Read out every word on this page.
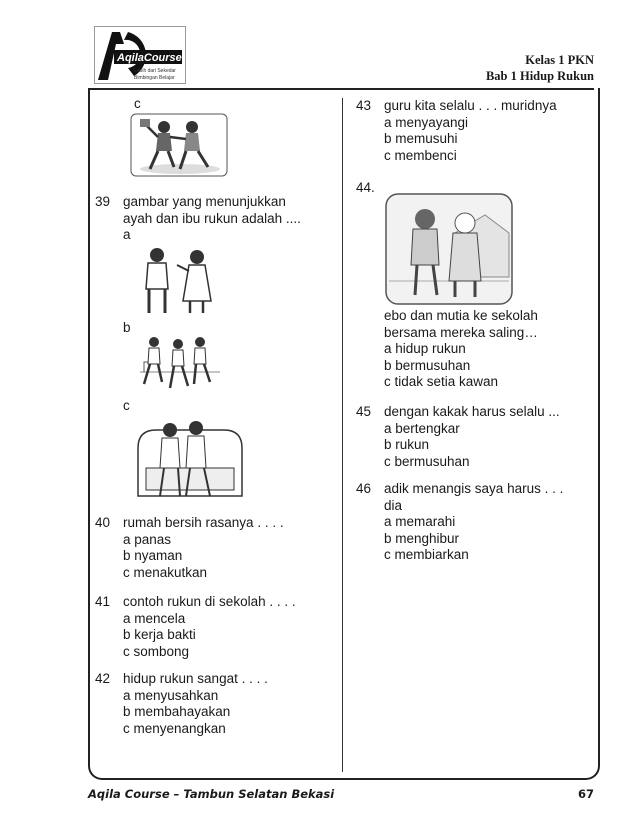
AqilaCourse
Lebih dari Sekedar
Bimbingan Belajar
Kelas 1 PKN
Bab 1 Hidup Rukun
c
39 gambar yang menunjukkan
ayah dan ibu rukun adalah ....
a
b
c
40 rumah bersih rasanya . . . .
a panas
b nyaman
c menakutkan
41 contoh rukun di sekolah . . . .
a mencela
b kerja bakti
c sombong
42 hidup rukun sangat . . . .
a menyusahkan
b membahayakan
c menyenangkan
43 guru kita selalu . . . muridnya
a menyayangi
b memusuhi
c membenci
44.
ebo dan mutia ke sekolah
bersama mereka saling…
a hidup rukun
b bermusuhan
c tidak setia kawan
45 dengan kakak harus selalu ...
a bertengkar
b rukun
c bermusuhan
46 adik menangis saya harus . . .
dia
a memarahi
b menghibur
c membiarkan
Aqila Course – Tambun Selatan Bekasi	67
